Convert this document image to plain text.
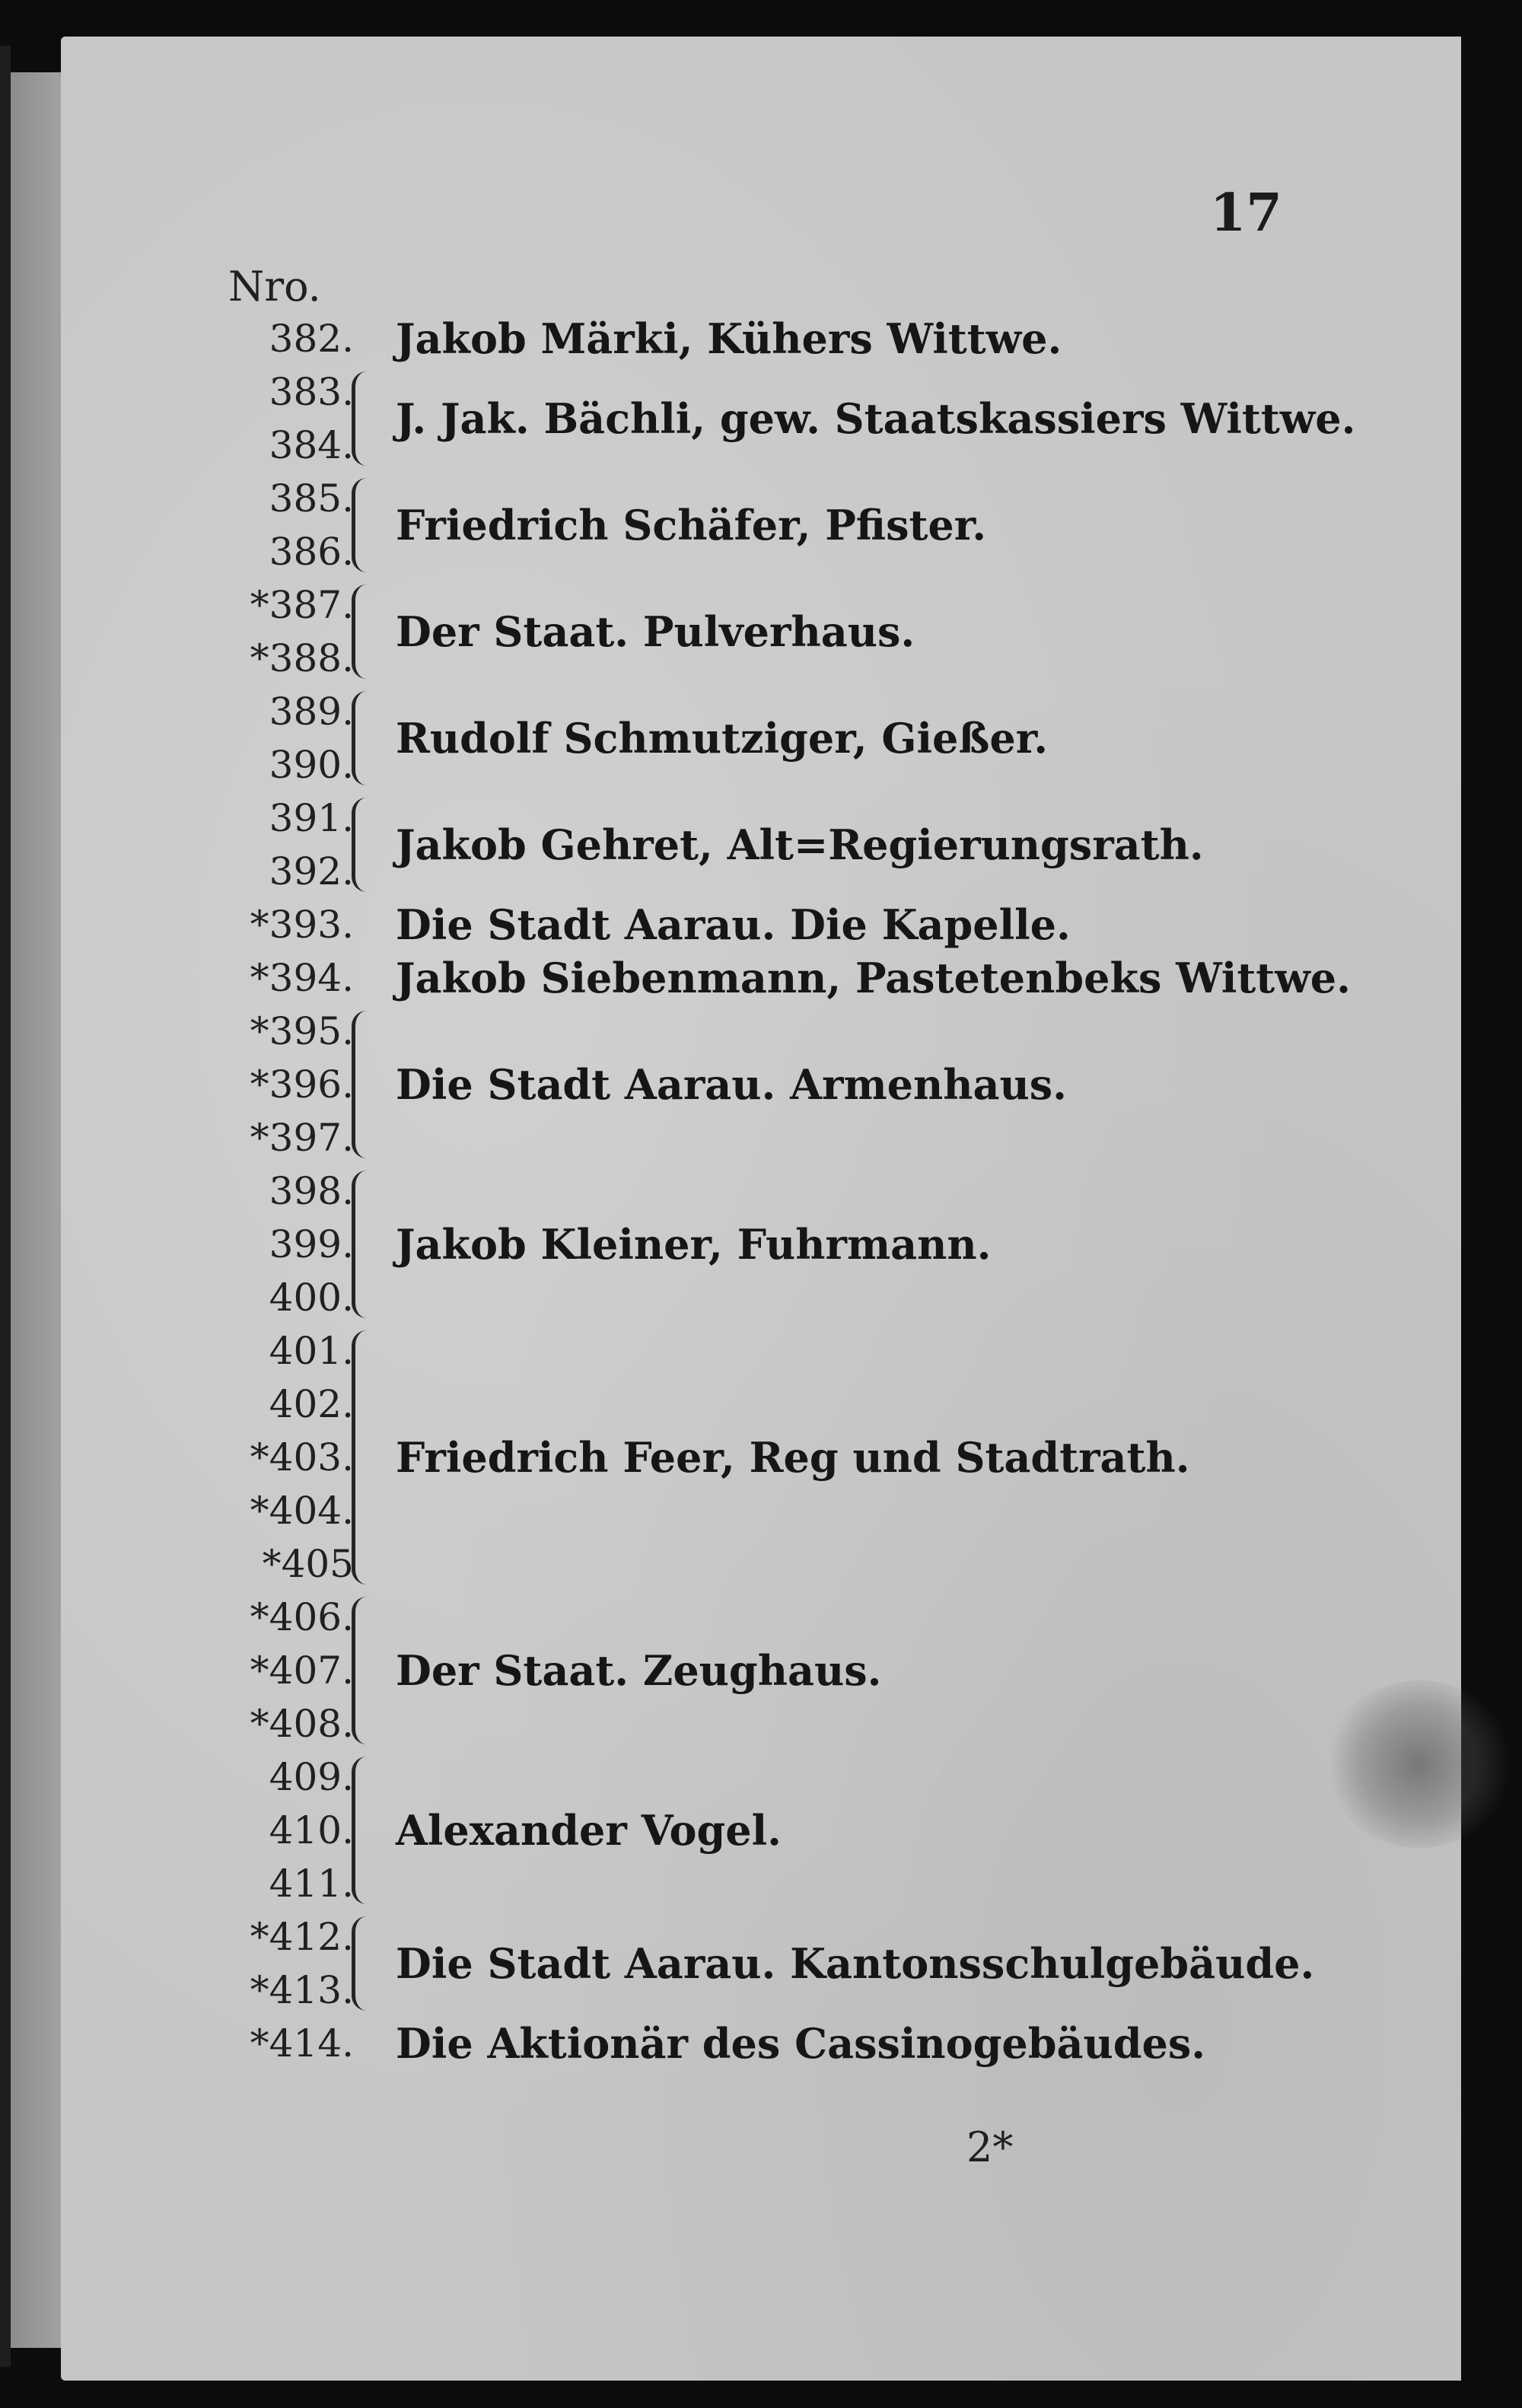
17
Nro.
382. Jakob Märki, Kühers Wittwe.
383.
384.
J. Jak. Bächli, gew. Staatskassiers Wittwe.
385.
386.
Friedrich Schäfer, Pfister.
*387.
*388.
Der Staat. Pulverhaus.
389.
390.
Rudolf Schmutziger, Gießer.
391.
392.
Jakob Gehret, Alt=Regierungsrath.
*393. Die Stadt Aarau. Die Kapelle.
*394. Jakob Siebenmann, Pastetenbeks Wittwe.
*395.
*396.
*397.
Die Stadt Aarau. Armenhaus.
398.
399.
400.
Jakob Kleiner, Fuhrmann.
401.
402.
*403.
*404.
*405
Friedrich Feer, Reg und Stadtrath.
*406.
*407.
*408.
Der Staat. Zeughaus.
409.
410.
411.
Alexander Vogel.
*412.
*413.
Die Stadt Aarau. Kantonsschulgebäude.
*414. Die Aktionär des Cassinogebäudes.
2*
